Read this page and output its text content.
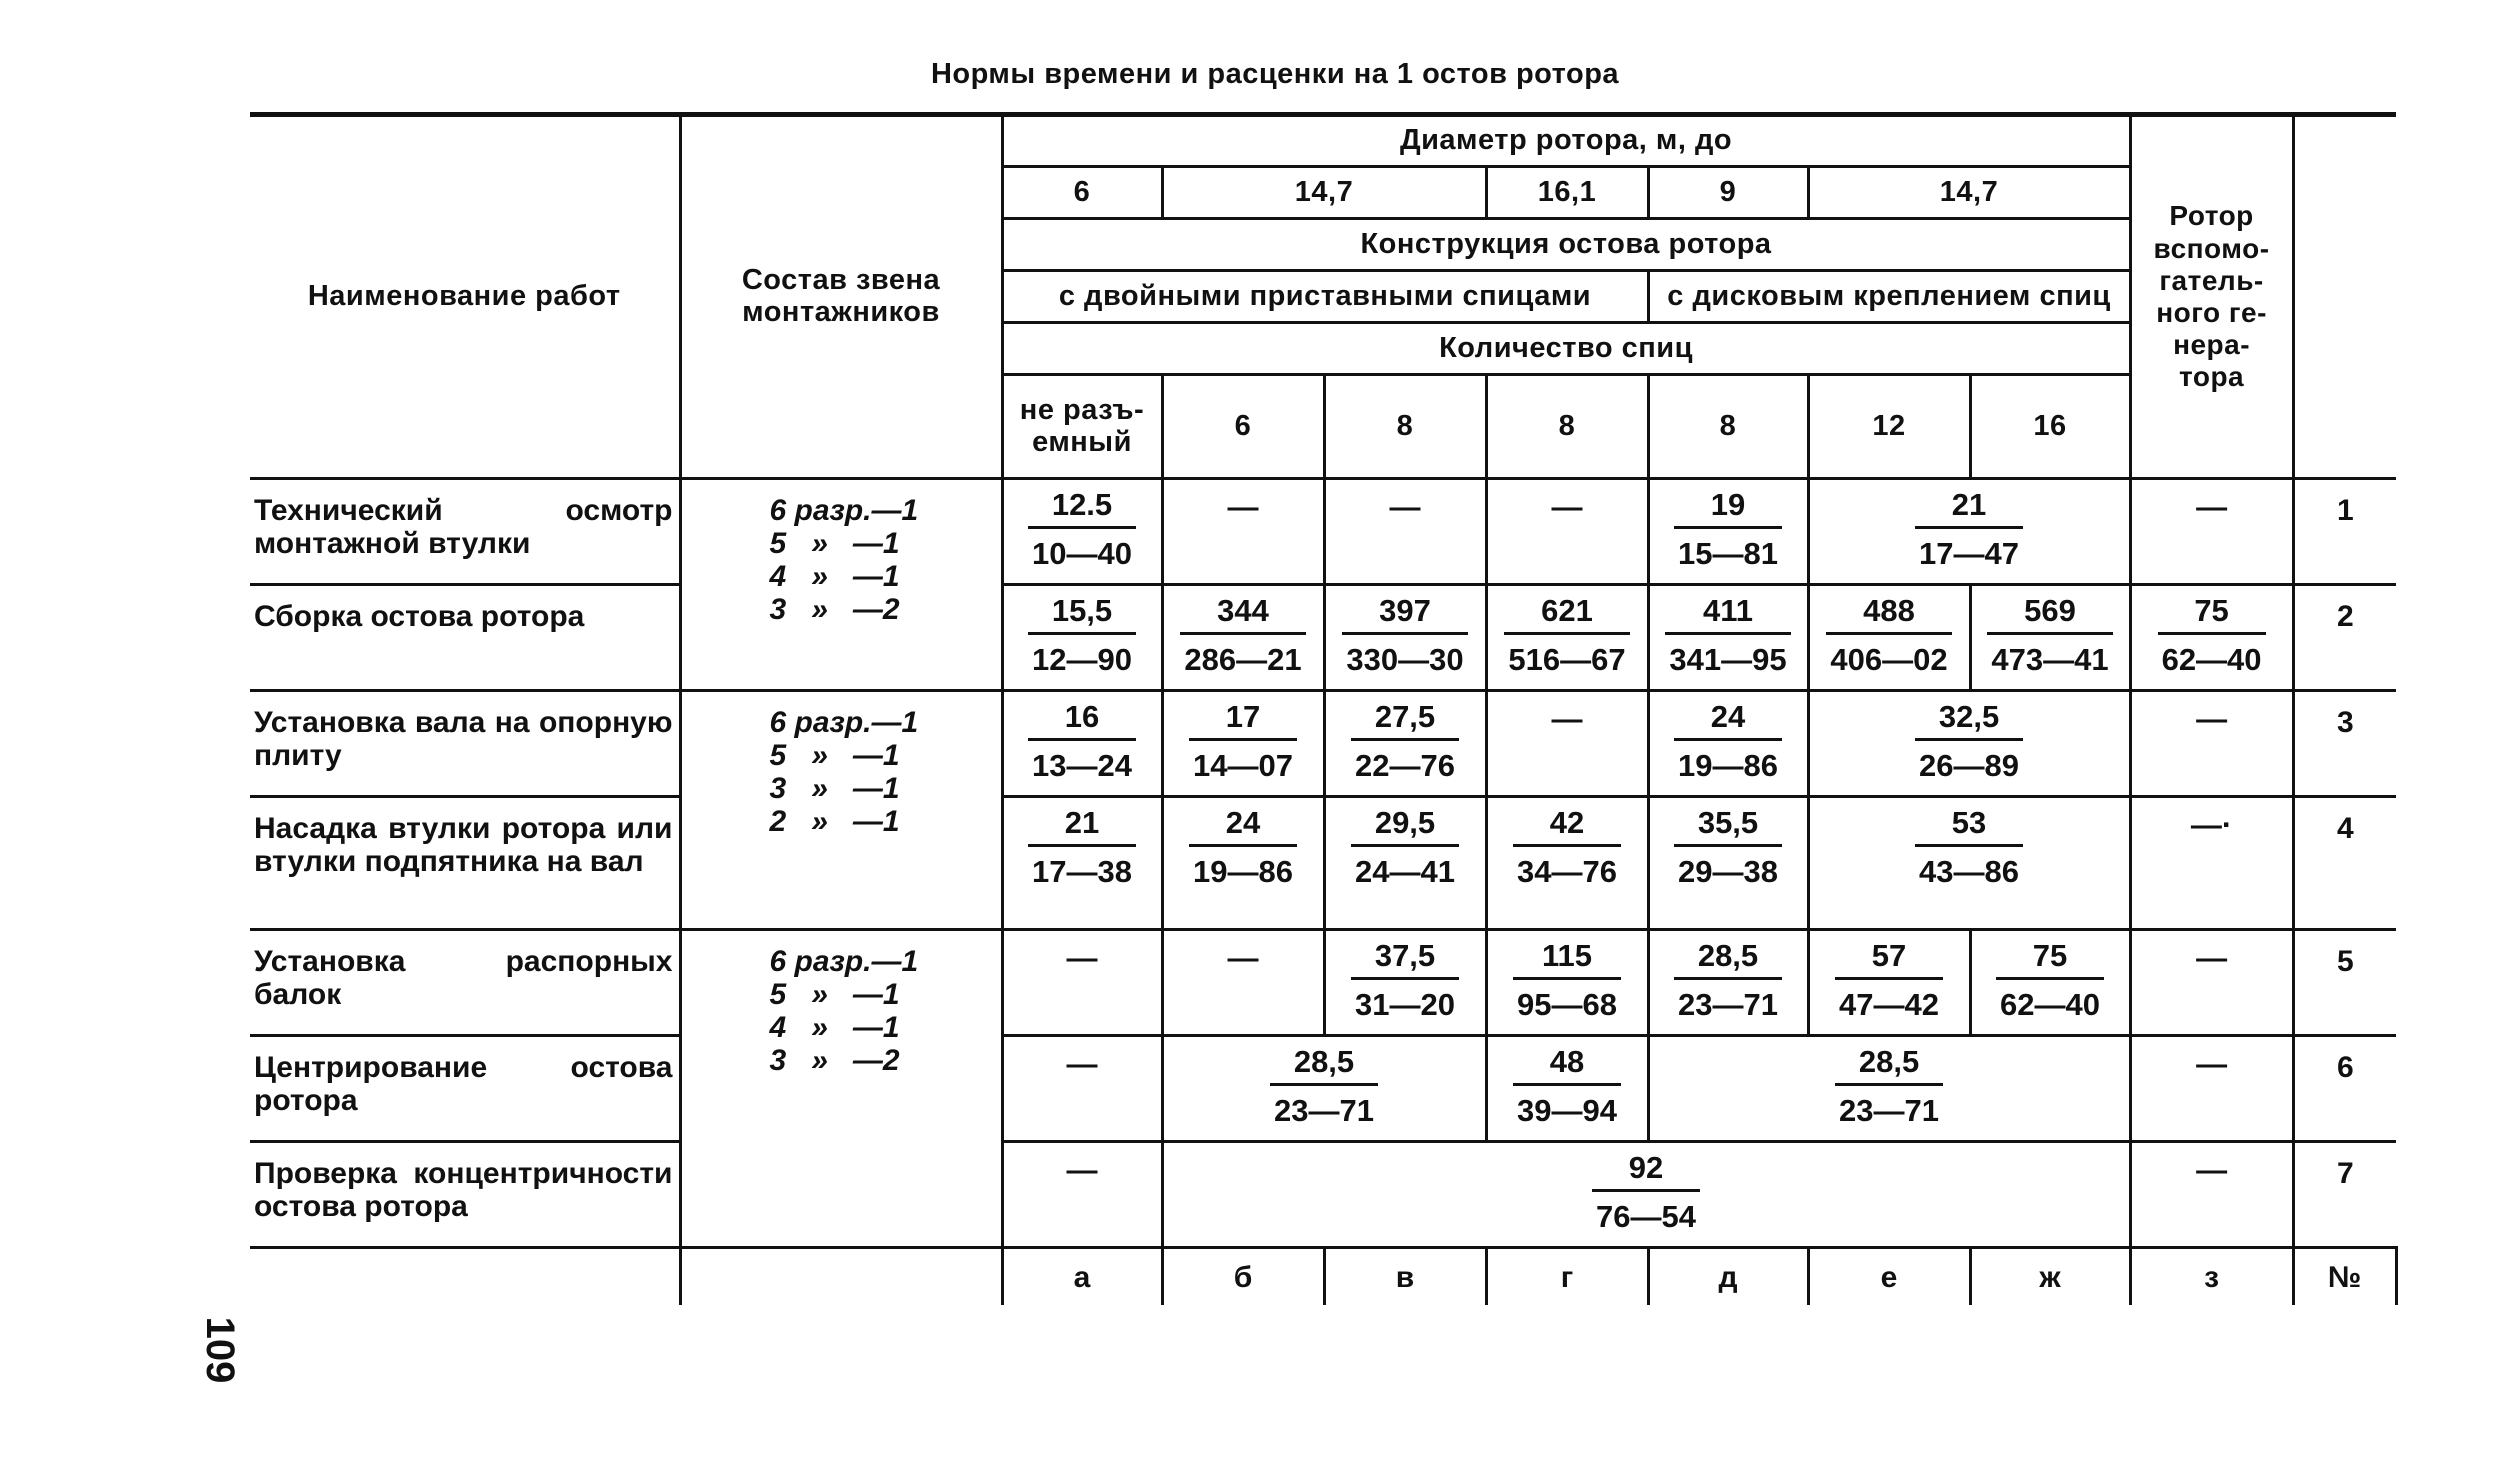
Нормы времени и расценки на 1 остов ротора
109
Наименование работ	Состав звена монтажников	Диаметр ротора, м, до							Ротор вспомо-гатель-ного ге-нера-тора	
		6	14,7		16,1	9	14,7			
		Конструкция остова ротора								
		с двойными приставными спицами				с дисковым креплением спиц				
		Количество спиц								
		не разъ-емный	6	8	8	8	12	16		
Технический осмотр монтажной втулки	6 разр.—1
5   »   —1
4   »   —1
3   »   —2	$\frac{12.5}{10—40}$	—	—	—	$\frac{19}{15—81}$	$\frac{21}{17—47}$		—	1
Сборка остова ротора		$\frac{15,5}{12—90}$	$\frac{344}{286—21}$	$\frac{397}{330—30}$	$\frac{621}{516—67}$	$\frac{411}{341—95}$	$\frac{488}{406—02}$	$\frac{569}{473—41}$	$\frac{75}{62—40}$	2
Установка вала на опорную плиту	6 разр.—1
5   »   —1
3   »   —1
2   »   —1	$\frac{16}{13—24}$	$\frac{17}{14—07}$	$\frac{27,5}{22—76}$	—	$\frac{24}{19—86}$	$\frac{32,5}{26—89}$		—	3
Насадка втулки ротора или втулки подпятника на вал		$\frac{21}{17—38}$	$\frac{24}{19—86}$	$\frac{29,5}{24—41}$	$\frac{42}{34—76}$	$\frac{35,5}{29—38}$	$\frac{53}{43—86}$		—·	4
Установка распорных балок	6 разр.—1
5   »   —1
4   »   —1
3   »   —2	—	—	$\frac{37,5}{31—20}$	$\frac{115}{95—68}$	$\frac{28,5}{23—71}$	$\frac{57}{47—42}$	$\frac{75}{62—40}$	—	5
Центрирование остова ротора		—	$\frac{28,5}{23—71}$		$\frac{48}{39—94}$	$\frac{28,5}{23—71}$			—	6
Проверка концентричности остова ротора		—	$\frac{92}{76—54}$						—	7
		а	б	в	г	д	е	ж	з	№
